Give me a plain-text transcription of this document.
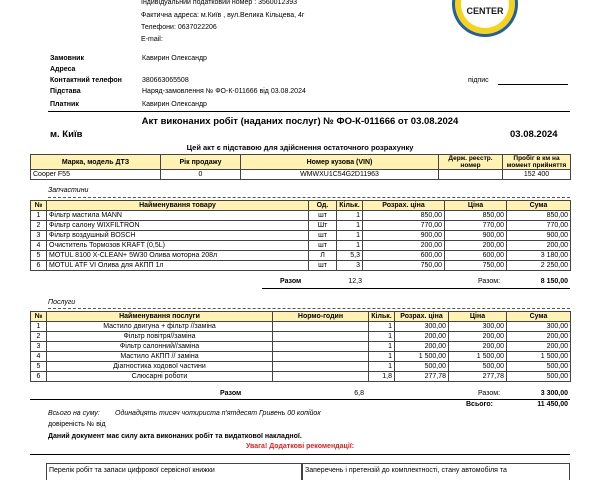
Індивідуальний податковий номер : 3560012393
Фактична адреса: м.Київ , вул.Велика Кільцева, 4г
Телефони: 0637022206
E-mail:
CENTER
Замовник	Кавирин Олександр
Адреса
Контактний телефон	380663065508	підпис
Підстава	Наряд-замовлення № ФО-К-011666 від 03.08.2024
Платник	Кавирин Олександр
Акт виконаних робіт (наданих послуг) № ФО-К-011666 от 03.08.2024
м. Київ	03.08.2024
Цей акт є підставою для здійснення остаточного розрахунку
Марка, модель ДТЗ	Рік продажу	Номер кузова (VIN)	Держ. реєстр. номер	Пробіг в км на момент прийняття
Cooper F55	0	WMWXU1C54G2D11963		152 400
Запчастини
№	Найменування товару	Од.	Кільк.	Розрах. ціна	Ціна	Сума
1	Фільтр мастила MANN	шт	1	850,00	850,00	850,00
2	Фільтр салону WIXFILTRON	Шт	1	770,00	770,00	770,00
3	Фільтр воздушный BOSCH	шт	1	900,00	900,00	900,00
4	Очиститель Тормозов KRAFT (0,5L)	шт	1	200,00	200,00	200,00
5	MOTUL 8100 X-CLEAN+ 5W30 Олива моторна 208л	Л	5,3	600,00	600,00	3 180,00
6	MOTUL ATF VI Олива для АКПП 1л	шт	3	750,00	750,00	2 250,00
Разом	12,3	Разом:	8 150,00
Послуги
№	Найменування послуги	Нормо-годин	Кільк.	Розрах. ціна	Ціна	Сума
1	Мастило двигуна + фільтр //заміна		1	300,00	300,00	300,00
2	Фільтр повітря//заміна		1	200,00	200,00	200,00
3	Фільтр салонний//заміна		1	200,00	200,00	200,00
4	Мастило АКПП // заміна		1	1 500,00	1 500,00	1 500,00
5	Діагностика ходової частини		1	500,00	500,00	500,00
6	Слюсарні роботи		1,8	277,78	277,78	500,00
Разом	6,8	Разом:	3 300,00
Всього:	11 450,00
Всього на суму: Одинадцять тисяч чотириста п'ятдесят Гривень 00 копійок
довіреність № від
Даний документ має силу акта виконаних робіт та видаткової накладної.
Увага! Додаткові рекомендації:
Перелік робіт та запаси цифрової сервісної книжки	Заперечень і претензій до комплектності, стану автомобіля та
